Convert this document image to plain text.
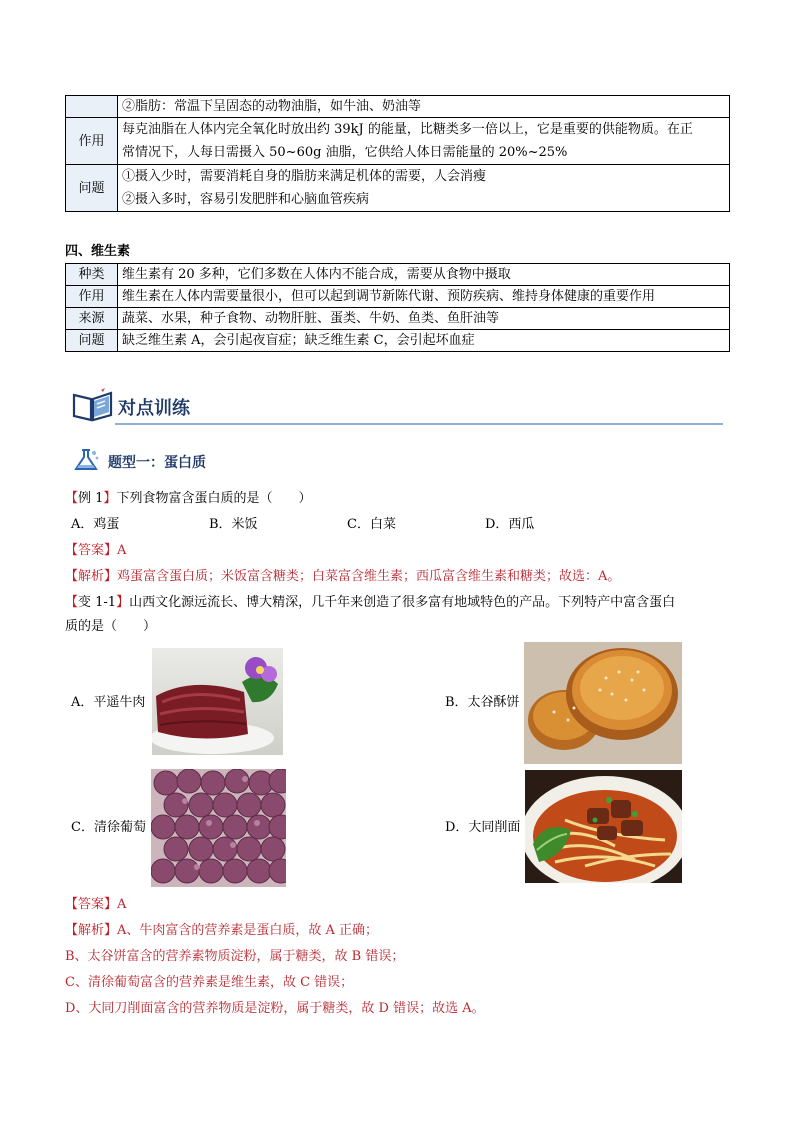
	②脂肪：常温下呈固态的动物油脂，如牛油、奶油等
作用	每克油脂在人体内完全氧化时放出约 39kJ 的能量，比糖类多一倍以上，它是重要的供能物质。在正
常情况下，人每日需摄入 50~60g 油脂，它供给人体日需能量的 20%~25%

问题	①摄入少时，需要消耗自身的脂肪来满足机体的需要，人会消瘦
②摄入多时，容易引发肥胖和心脑血管疾病
四、维生素
种类	维生素有 20 多种，它们多数在人体内不能合成，需要从食物中摄取
作用	维生素在人体内需要量很小，但可以起到调节新陈代谢、预防疾病、维持身体健康的重要作用
来源	蔬菜、水果，种子食物、动物肝脏、蛋类、牛奶、鱼类、鱼肝油等
问题	缺乏维生素 A，会引起夜盲症；缺乏维生素 C，会引起坏血症
对点训练
题型一：蛋白质
【例 1】下列食物富含蛋白质的是（　　）
A．鸡蛋	B．米饭	C．白菜	D．西瓜
【答案】A
【解析】鸡蛋富含蛋白质；米饭富含糖类；白菜富含维生素；西瓜富含维生素和糖类；故选：A。
【变 1-1】山西文化源远流长、博大精深，几千年来创造了很多富有地域特色的产品。下列特产中富含蛋白
质的是（　　）
A．平遥牛肉	B．太谷酥饼
C．清徐葡萄	D．大同削面
【答案】A
【解析】A、牛肉富含的营养素是蛋白质，故 A 正确；
B、太谷饼富含的营养素物质淀粉，属于糖类，故 B 错误；
C、清徐葡萄富含的营养素是维生素，故 C 错误；
D、大同刀削面富含的营养物质是淀粉，属于糖类，故 D 错误；故选 A。
